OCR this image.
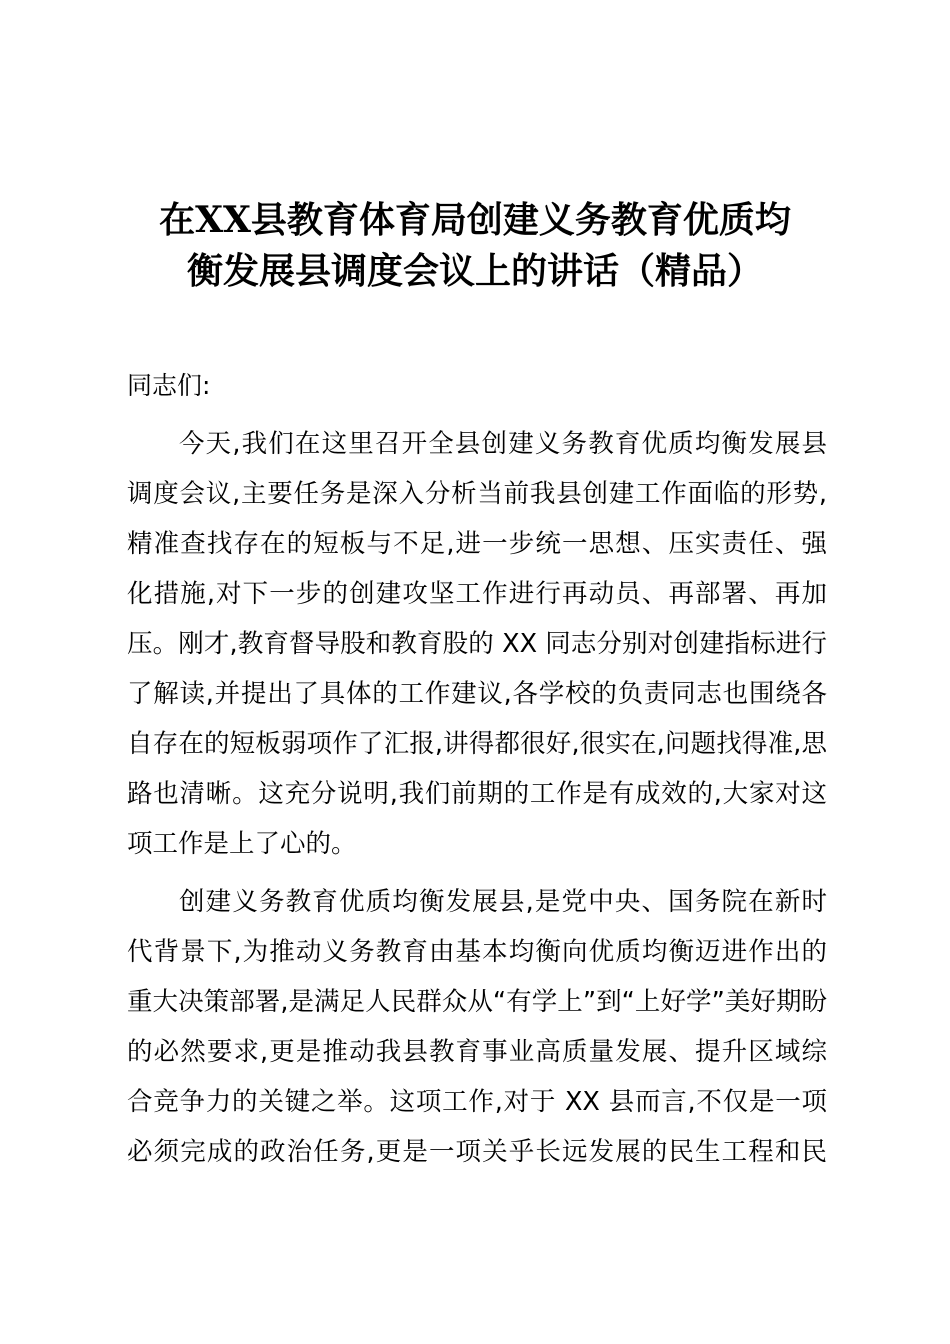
在XX县教育体育局创建义务教育优质均
衡发展县调度会议上的讲话（精品）
同志们:
今天,我们在这里召开全县创建义务教育优质均衡发展县
调度会议,主要任务是深入分析当前我县创建工作面临的形势,
精准查找存在的短板与不足,进一步统一思想、压实责任、强
化措施,对下一步的创建攻坚工作进行再动员、再部署、再加
压。刚才,教育督导股和教育股的 XX 同志分别对创建指标进行
了解读,并提出了具体的工作建议,各学校的负责同志也围绕各
自存在的短板弱项作了汇报,讲得都很好,很实在,问题找得准,思
路也清晰。这充分说明,我们前期的工作是有成效的,大家对这
项工作是上了心的。
创建义务教育优质均衡发展县,是党中央、国务院在新时
代背景下,为推动义务教育由基本均衡向优质均衡迈进作出的
重大决策部署,是满足人民群众从“有学上”到“上好学”美好期盼
的必然要求,更是推动我县教育事业高质量发展、提升区域综
合竞争力的关键之举。这项工作,对于 XX 县而言,不仅是一项
必须完成的政治任务,更是一项关乎长远发展的民生工程和民
